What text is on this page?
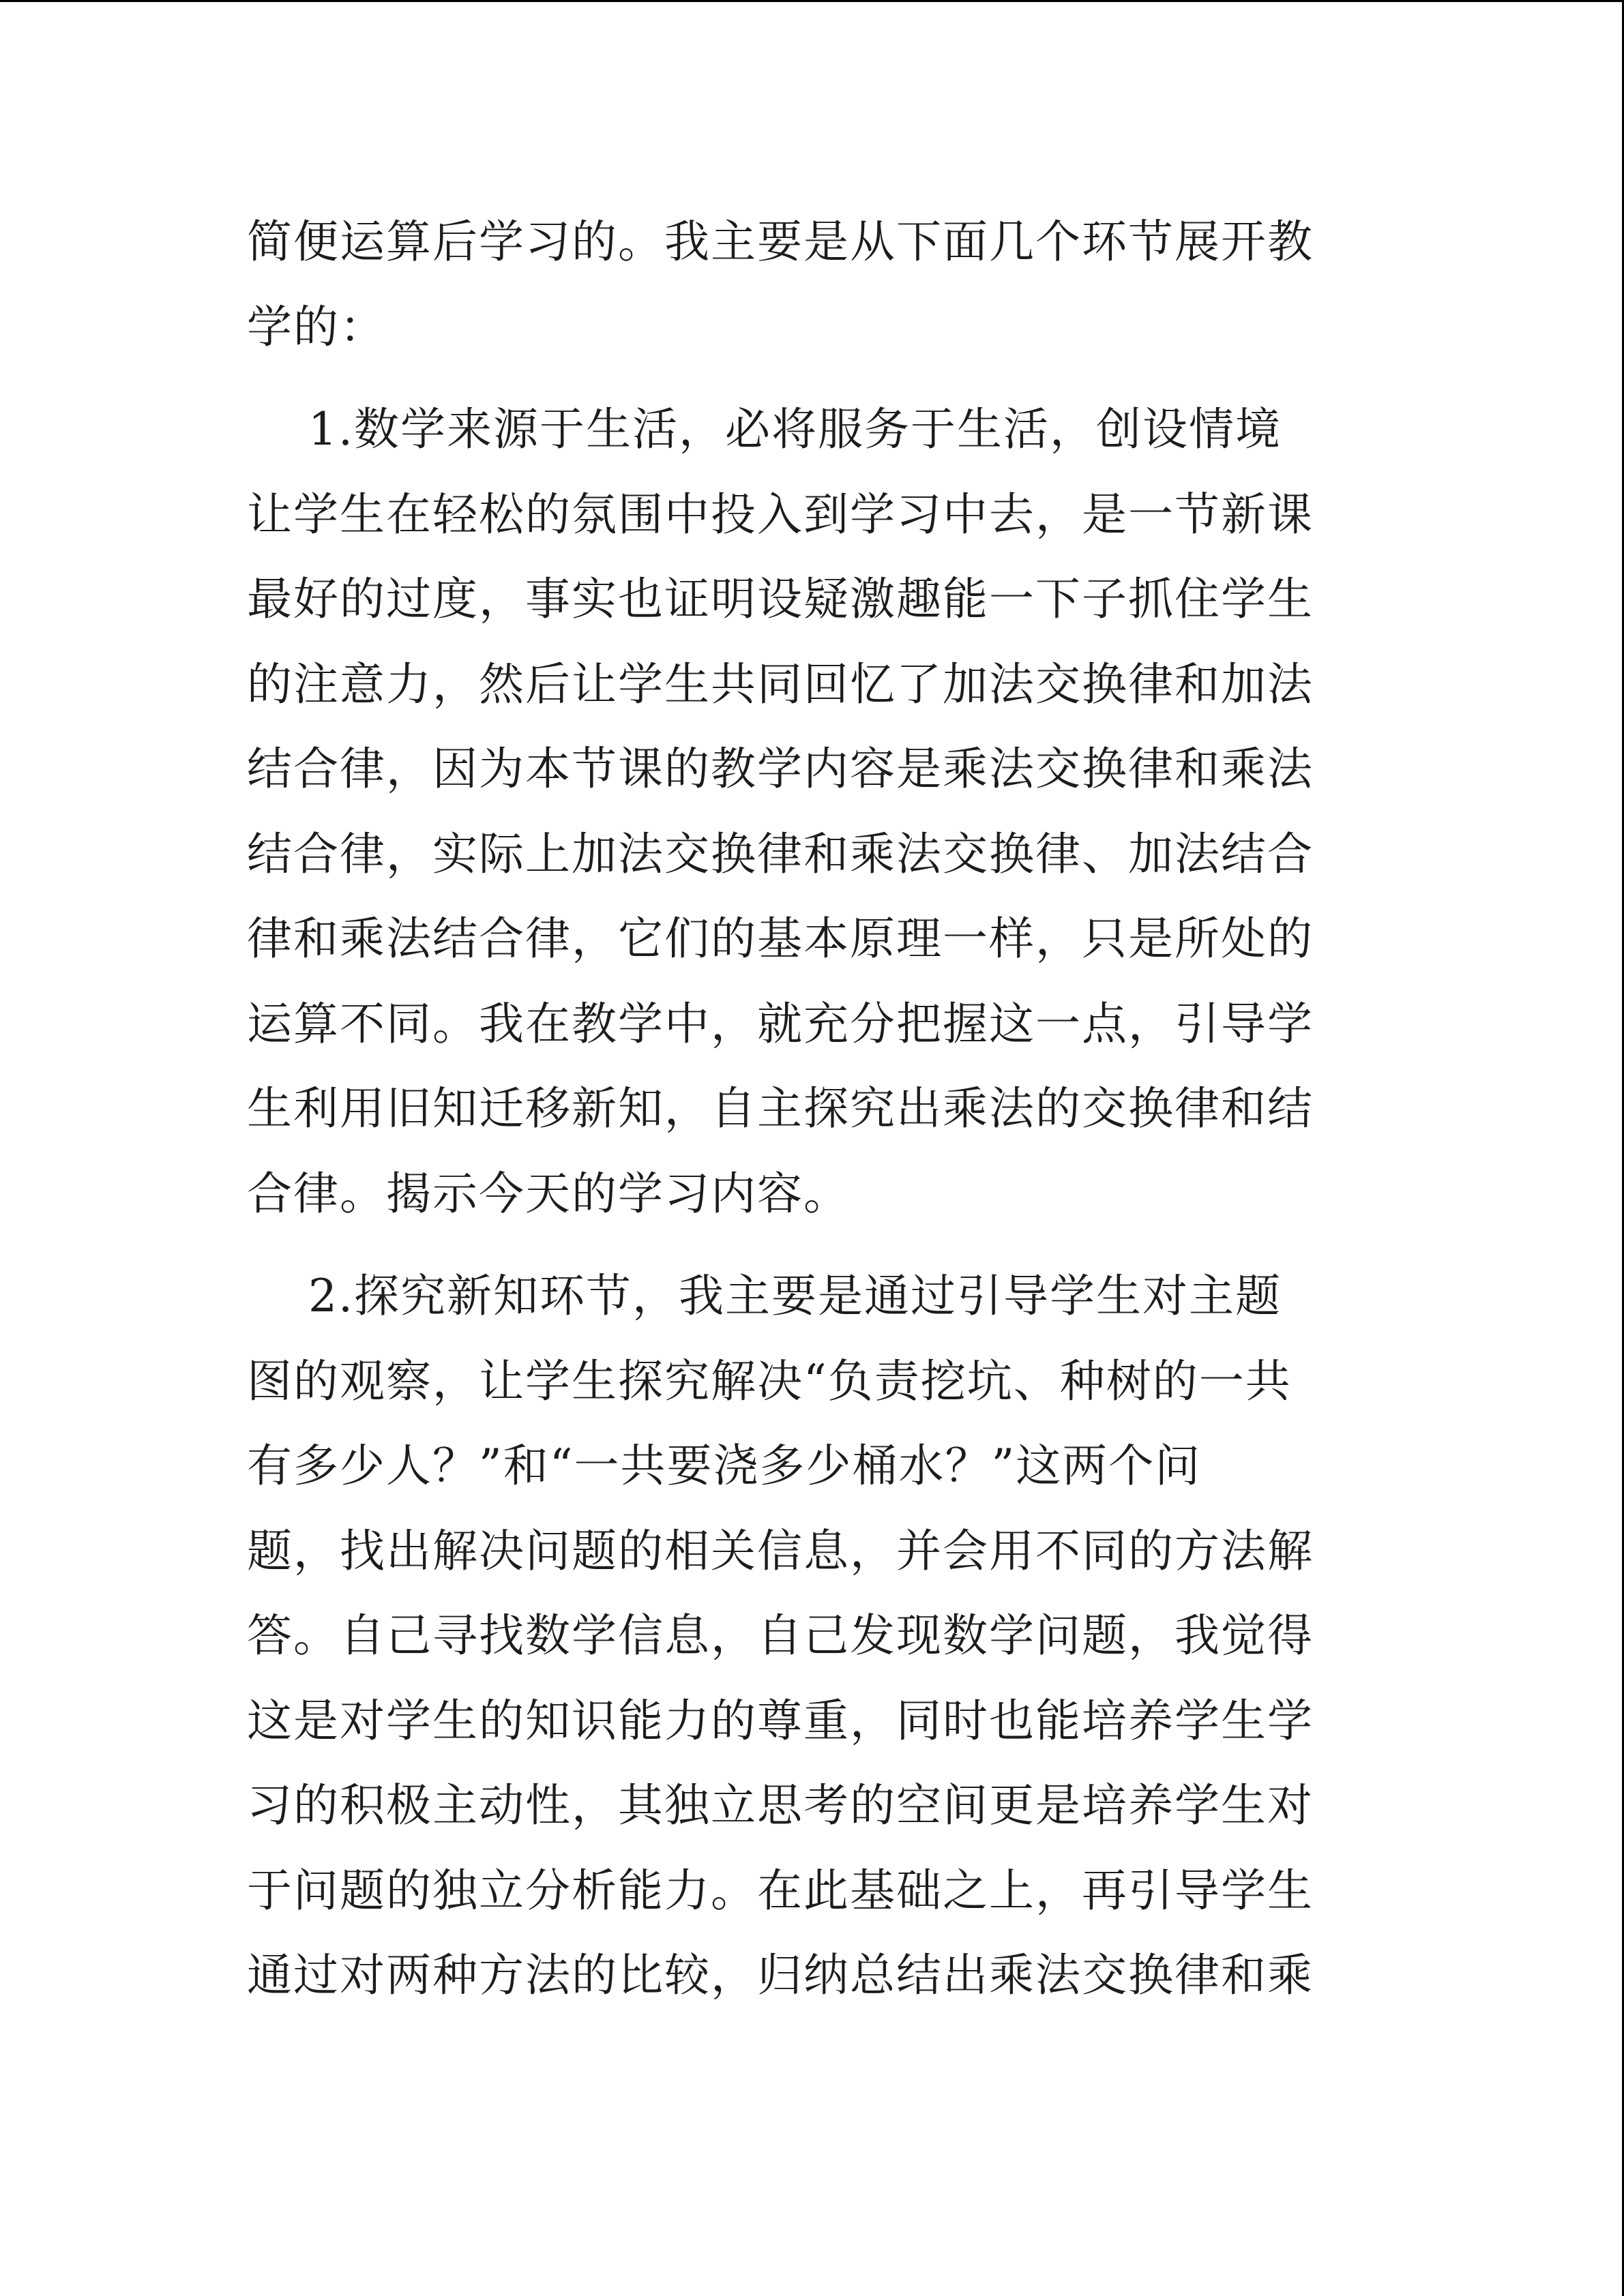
简便运算后学习的。我主要是从下面几个环节展开教
学的：

1.数学来源于生活，必将服务于生活，创设情境
让学生在轻松的氛围中投入到学习中去，是一节新课
最好的过度，事实也证明设疑激趣能一下子抓住学生
的注意力，然后让学生共同回忆了加法交换律和加法
结合律，因为本节课的教学内容是乘法交换律和乘法
结合律，实际上加法交换律和乘法交换律、加法结合
律和乘法结合律，它们的基本原理一样，只是所处的
运算不同。我在教学中，就充分把握这一点，引导学
生利用旧知迁移新知，自主探究出乘法的交换律和结
合律。揭示今天的学习内容。

2.探究新知环节，我主要是通过引导学生对主题
图的观察，让学生探究解决“负责挖坑、种树的一共
有多少人？”和“一共要浇多少桶水？”这两个问
题，找出解决问题的相关信息，并会用不同的方法解
答。自己寻找数学信息，自己发现数学问题，我觉得
这是对学生的知识能力的尊重，同时也能培养学生学
习的积极主动性，其独立思考的空间更是培养学生对
于问题的独立分析能力。在此基础之上，再引导学生
通过对两种方法的比较，归纳总结出乘法交换律和乘
